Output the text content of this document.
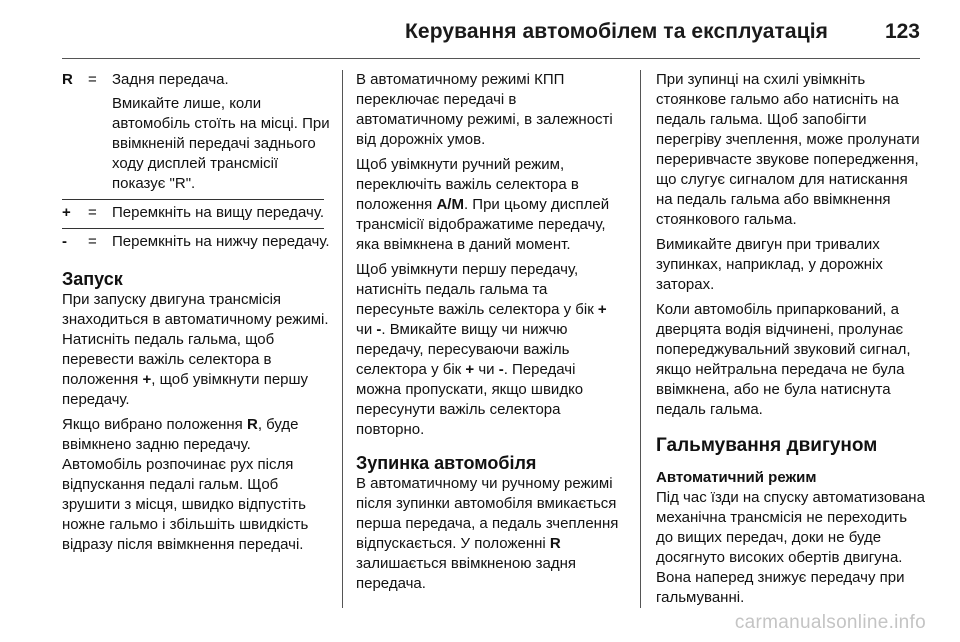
Керування автомобілем та експлуатація	123
R	=	Задня передача.

Вмикайте лише, коли автомобіль стоїть на місці. При ввімкненій передачі заднього ходу дисплей трансмісії показує "R".

+	=	Перемкніть на вищу передачу.

-	=	Перемкніть на нижчу передачу.

Запуск

При запуску двигуна трансмісія знаходиться в автоматичному режимі. Натисніть педаль гальма, щоб перевести важіль селектора в положення +, щоб увімкнути першу передачу.

Якщо вибрано положення R, буде ввімкнено задню передачу. Автомобіль розпочинає рух після відпускання педалі гальм. Щоб зрушити з місця, швидко відпустіть ножне гальмо і збільшіть швидкість відразу після ввімкнення передачі.

В автоматичному режимі КПП переключає передачі в автоматичному режимі, в залежності від дорожніх умов.

Щоб увімкнути ручний режим, переключіть важіль селектора в положення A/M. При цьому дисплей трансмісії відображатиме передачу, яка ввімкнена в даний момент.

Щоб увімкнути першу передачу, натисніть педаль гальма та пересуньте важіль селектора у бік + чи -. Вмикайте вищу чи нижчю передачу, пересуваючи важіль селектора у бік + чи -. Передачі можна пропускати, якщо швидко пересунути важіль селектора повторно.

Зупинка автомобіля

В автоматичному чи ручному режимі після зупинки автомобіля вмикається перша передача, а педаль зчеплення відпускається. У положенні R залишається ввімкненою задня передача.

При зупинці на схилі увімкніть стоянкове гальмо або натисніть на педаль гальма. Щоб запобігти перегріву зчеплення, може пролунати переривчасте звукове попередження, що слугує сигналом для натискання на педаль гальма або ввімкнення стоянкового гальма.

Вимикайте двигун при тривалих зупинках, наприклад, у дорожніх заторах.

Коли автомобіль припаркований, а дверцята водія відчинені, пролунає попереджувальний звуковий сигнал, якщо нейтральна передача не була ввімкнена, або не була натиснута педаль гальма.

Гальмування двигуном
Автоматичний режим

Під час їзди на спуску автоматизована механічна трансмісія не переходить до вищих передач, доки не буде досягнуто високих обертів двигуна. Вона наперед знижує передачу при гальмуванні.

carmanualsonline.info
